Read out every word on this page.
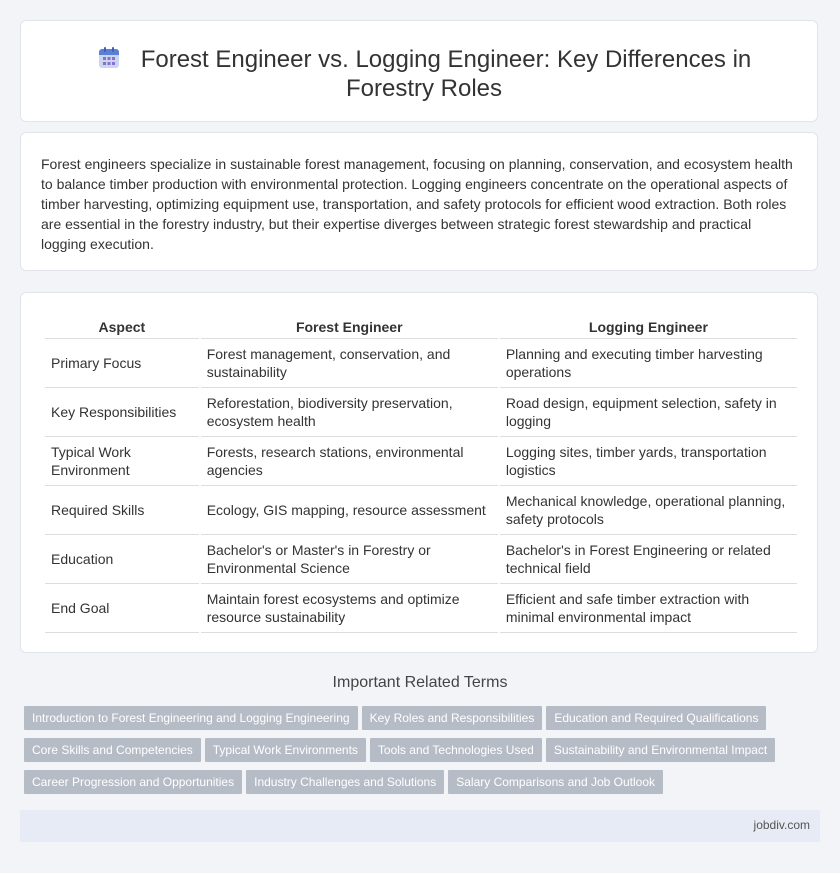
Forest Engineer vs. Logging Engineer: Key Differences in Forestry Roles

Forest engineers specialize in sustainable forest management, focusing on planning, conservation, and ecosystem health to balance timber production with environmental protection. Logging engineers concentrate on the operational aspects of timber harvesting, optimizing equipment use, transportation, and safety protocols for efficient wood extraction. Both roles are essential in the forestry industry, but their expertise diverges between strategic forest stewardship and practical logging execution.

Aspect	Forest Engineer	Logging Engineer
Primary Focus	Forest management, conservation, and sustainability	Planning and executing timber harvesting operations
Key Responsibilities	Reforestation, biodiversity preservation, ecosystem health	Road design, equipment selection, safety in logging
Typical Work Environment	Forests, research stations, environmental agencies	Logging sites, timber yards, transportation logistics
Required Skills	Ecology, GIS mapping, resource assessment	Mechanical knowledge, operational planning, safety protocols
Education	Bachelor's or Master's in Forestry or Environmental Science	Bachelor's in Forest Engineering or related technical field
End Goal	Maintain forest ecosystems and optimize resource sustainability	Efficient and safe timber extraction with minimal environmental impact
Important Related Terms
Introduction to Forest Engineering and Logging Engineering Key Roles and Responsibilities Education and Required Qualifications
Core Skills and Competencies Typical Work Environments Tools and Technologies Used Sustainability and Environmental Impact
Career Progression and Opportunities Industry Challenges and Solutions Salary Comparisons and Job Outlook
jobdiv.com
